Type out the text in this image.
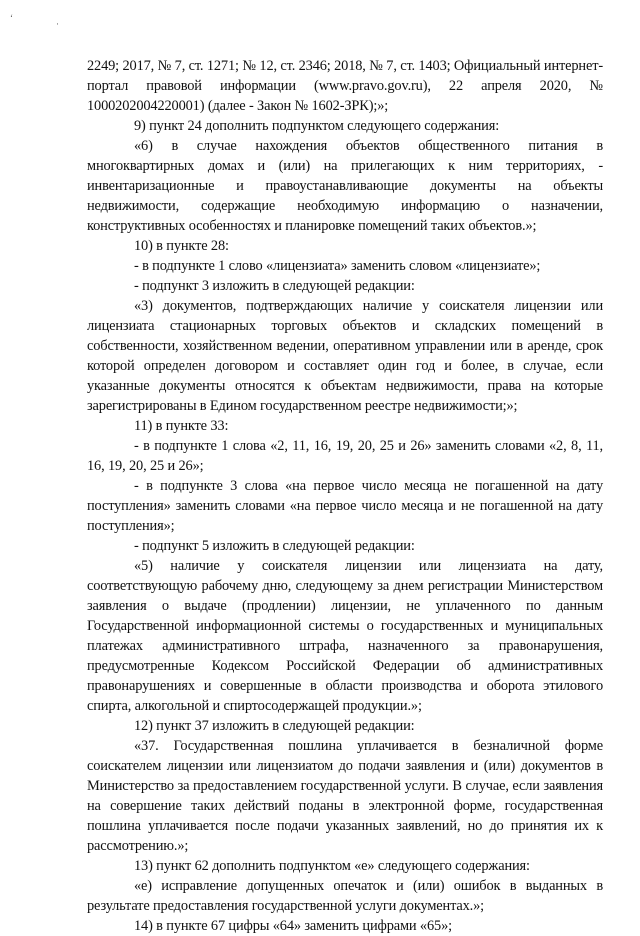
‘
·

2249; 2017, № 7, ст. 1271; № 12, ст. 2346; 2018, № 7, ст. 1403; Официальный интернет-портал правовой информации (www.pravo.gov.ru), 22 апреля 2020, № 1000202004220001) (далее - Закон № 1602-ЗРК);»;

9) пункт 24 дополнить подпунктом следующего содержания:

«6) в случае нахождения объектов общественного питания в многоквартирных домах и (или) на прилегающих к ним территориях, - инвентаризационные и правоустанавливающие документы на объекты недвижимости, содержащие необходимую информацию о назначении, конструктивных особенностях и планировке помещений таких объектов.»;

10) в пункте 28:

- в подпункте 1 слово «лицензиата» заменить словом «лицензиате»;

- подпункт 3 изложить в следующей редакции:

«3) документов, подтверждающих наличие у соискателя лицензии или лицензиата стационарных торговых объектов и складских помещений в собственности, хозяйственном ведении, оперативном управлении или в аренде, срок которой определен договором и составляет один год и более, в случае, если указанные документы относятся к объектам недвижимости, права на которые зарегистрированы в Едином государственном реестре недвижимости;»;

11) в пункте 33:

- в подпункте 1 слова «2, 11, 16, 19, 20, 25 и 26» заменить словами «2, 8, 11, 16, 19, 20, 25 и 26»;

- в подпункте 3 слова «на первое число месяца не погашенной на дату поступления» заменить словами «на первое число месяца и не погашенной на дату поступления»;

- подпункт 5 изложить в следующей редакции:

«5) наличие у соискателя лицензии или лицензиата на дату, соответствующую рабочему дню, следующему за днем регистрации Министерством заявления о выдаче (продлении) лицензии, не уплаченного по данным Государственной информационной системы о государственных и муниципальных платежах административного штрафа, назначенного за правонарушения, предусмотренные Кодексом Российской Федерации об административных правонарушениях и совершенные в области производства и оборота этилового спирта, алкогольной и спиртосодержащей продукции.»;

12) пункт 37 изложить в следующей редакции:

«37. Государственная пошлина уплачивается в безналичной форме соискателем лицензии или лицензиатом до подачи заявления и (или) документов в Министерство за предоставлением государственной услуги. В случае, если заявления на совершение таких действий поданы в электронной форме, государственная пошлина уплачивается после подачи указанных заявлений, но до принятия их к рассмотрению.»;

13) пункт 62 дополнить подпунктом «е» следующего содержания:

«е) исправление допущенных опечаток и (или) ошибок в выданных в результате предоставления государственной услуги документах.»;

14) в пункте 67 цифры «64» заменить цифрами «65»;
